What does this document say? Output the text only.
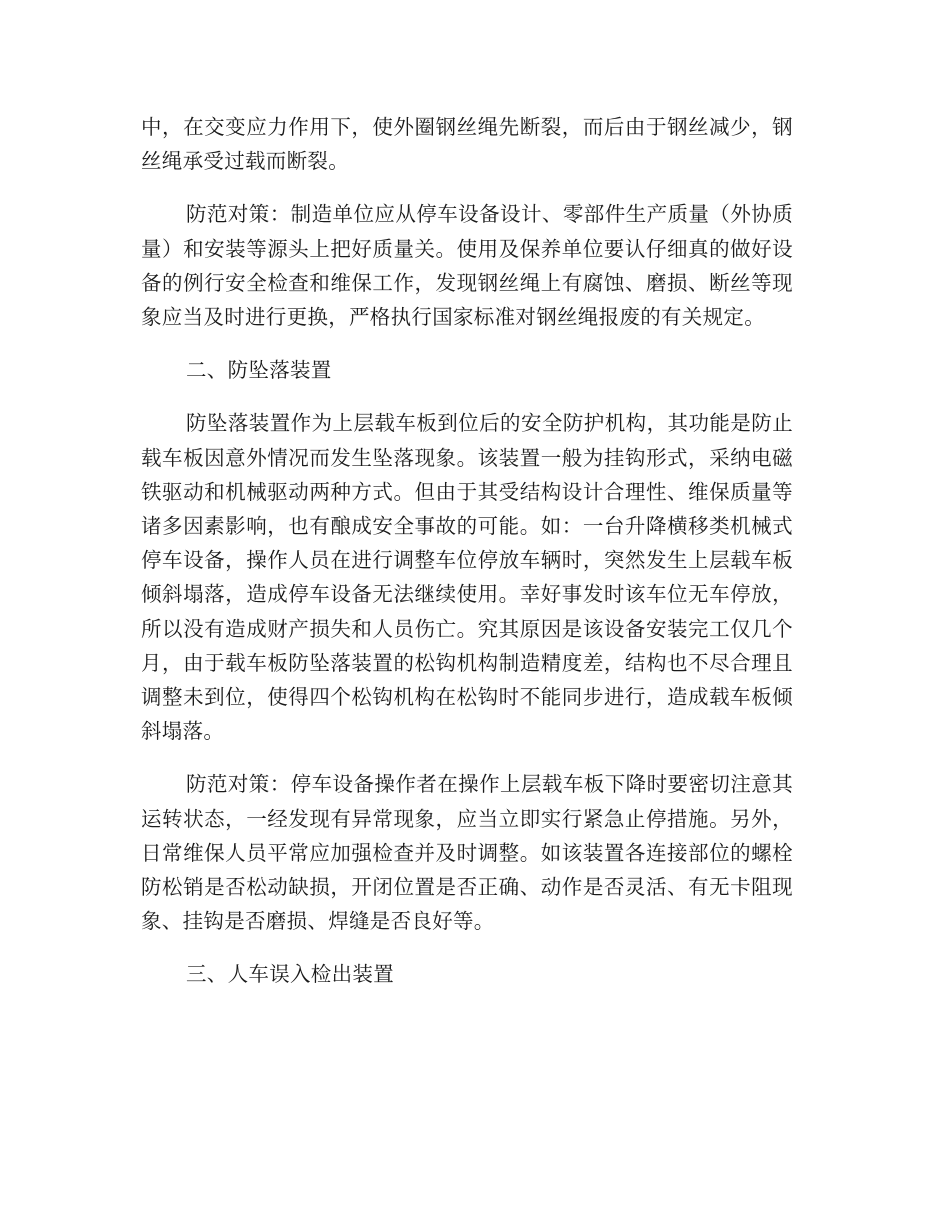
中，在交变应力作用下，使外圈钢丝绳先断裂，而后由于钢丝减少，钢丝绳承受过载而断裂。

防范对策：制造单位应从停车设备设计、零部件生产质量（外协质量）和安装等源头上把好质量关。使用及保养单位要认仔细真的做好设备的例行安全检查和维保工作，发现钢丝绳上有腐蚀、磨损、断丝等现象应当及时进行更换，严格执行国家标准对钢丝绳报废的有关规定。

二、防坠落装置

防坠落装置作为上层载车板到位后的安全防护机构，其功能是防止载车板因意外情况而发生坠落现象。该装置一般为挂钩形式，采纳电磁铁驱动和机械驱动两种方式。但由于其受结构设计合理性、维保质量等诸多因素影响，也有酿成安全事故的可能。如：一台升降横移类机械式停车设备，操作人员在进行调整车位停放车辆时，突然发生上层载车板倾斜塌落，造成停车设备无法继续使用。幸好事发时该车位无车停放，所以没有造成财产损失和人员伤亡。究其原因是该设备安装完工仅几个月，由于载车板防坠落装置的松钩机构制造精度差，结构也不尽合理且调整未到位，使得四个松钩机构在松钩时不能同步进行，造成载车板倾斜塌落。

防范对策：停车设备操作者在操作上层载车板下降时要密切注意其运转状态，一经发现有异常现象，应当立即实行紧急止停措施。另外，日常维保人员平常应加强检查并及时调整。如该装置各连接部位的螺栓防松销是否松动缺损，开闭位置是否正确、动作是否灵活、有无卡阻现象、挂钩是否磨损、焊缝是否良好等。

三、人车误入检出装置
